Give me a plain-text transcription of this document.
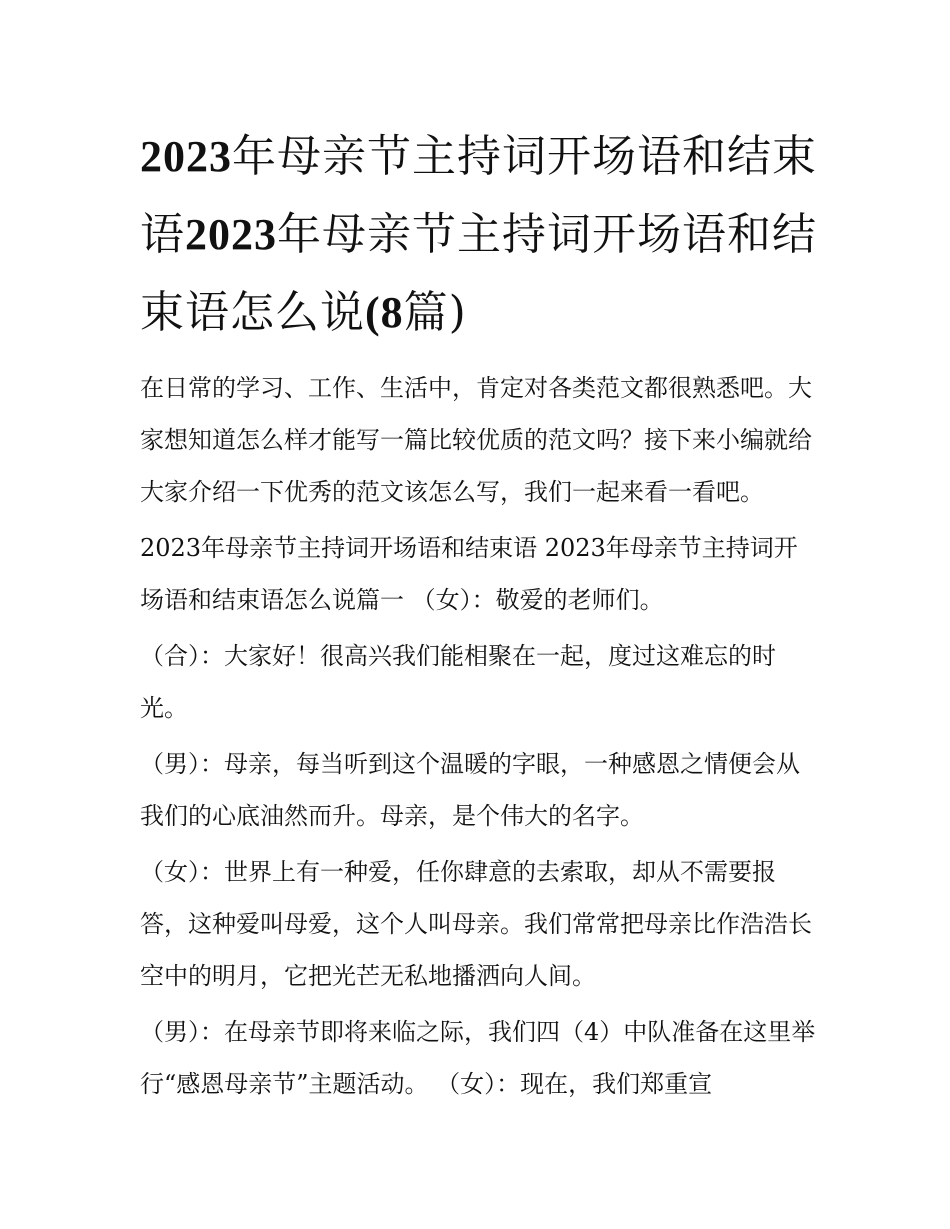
2023年母亲节主持词开场语和结束语2023年母亲节主持词开场语和结束语怎么说(8篇)

在日常的学习、工作、生活中，肯定对各类范文都很熟悉吧。大家想知道怎么样才能写一篇比较优质的范文吗？接下来小编就给大家介绍一下优秀的范文该怎么写，我们一起来看一看吧。

2023年母亲节主持词开场语和结束语 2023年母亲节主持词开场语和结束语怎么说篇一 （女）：敬爱的老师们。

（合）：大家好！很高兴我们能相聚在一起，度过这难忘的时光。

（男）：母亲，每当听到这个温暖的字眼，一种感恩之情便会从我们的心底油然而升。母亲，是个伟大的名字。

（女）：世界上有一种爱，任你肆意的去索取，却从不需要报答，这种爱叫母爱，这个人叫母亲。我们常常把母亲比作浩浩长空中的明月，它把光芒无私地播洒向人间。

（男）：在母亲节即将来临之际，我们四（4）中队准备在这里举行“感恩母亲节”主题活动。 （女）：现在，我们郑重宣
